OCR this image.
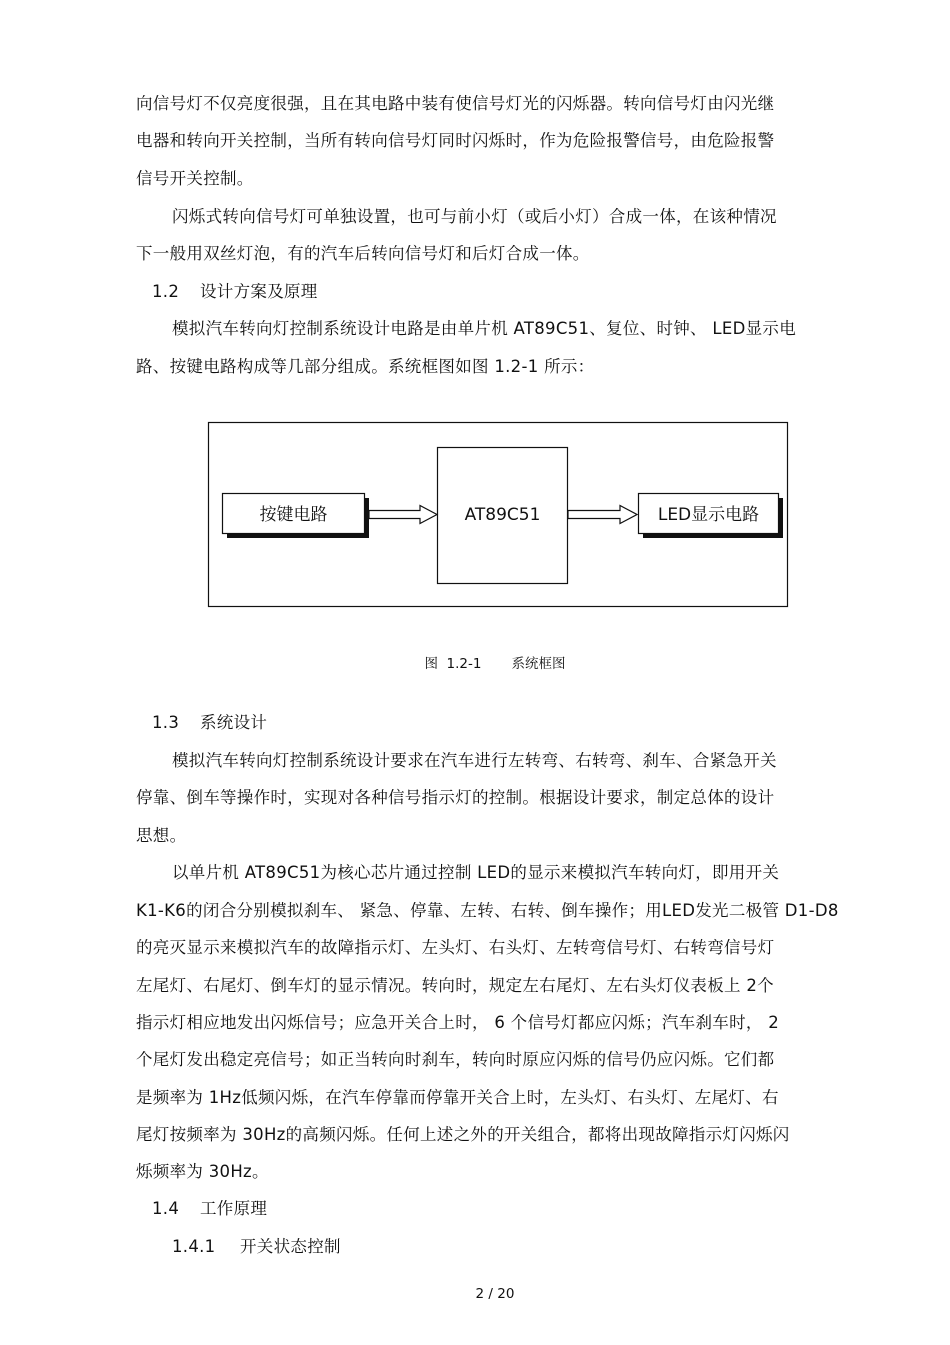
向信号灯不仅亮度很强，且在其电路中装有使信号灯光的闪烁器。转向信号灯由闪光继
电器和转向开关控制，当所有转向信号灯同时闪烁时，作为危险报警信号，由危险报警
信号开关控制。
闪烁式转向信号灯可单独设置，也可与前小灯（或后小灯）合成一体，在该种情况
下一般用双丝灯泡，有的汽车后转向信号灯和后灯合成一体。
1.2 设计方案及原理
模拟汽车转向灯控制系统设计电路是由单片机 AT89C51、复位、时钟、 LED显示电
路、按键电路构成等几部分组成。系统框图如图 1.2-1 所示：
按键电路	AT89C51	LED显示电路
图  1.2-1       系统框图
1.3 系统设计
模拟汽车转向灯控制系统设计要求在汽车进行左转弯、右转弯、刹车、合紧急开关
停靠、倒车等操作时，实现对各种信号指示灯的控制。根据设计要求，制定总体的设计
思想。
以单片机 AT89C51为核心芯片通过控制 LED的显示来模拟汽车转向灯，即用开关
K1-K6的闭合分别模拟刹车、 紧急、停靠、左转、右转、倒车操作；用LED发光二极管 D1-D8
的亮灭显示来模拟汽车的故障指示灯、左头灯、右头灯、左转弯信号灯、右转弯信号灯
左尾灯、右尾灯、倒车灯的显示情况。转向时，规定左右尾灯、左右头灯仪表板上 2个
指示灯相应地发出闪烁信号；应急开关合上时， 6 个信号灯都应闪烁；汽车刹车时， 2
个尾灯发出稳定亮信号；如正当转向时刹车，转向时原应闪烁的信号仍应闪烁。它们都
是频率为 1Hz低频闪烁，在汽车停靠而停靠开关合上时，左头灯、右头灯、左尾灯、右
尾灯按频率为 30Hz的高频闪烁。任何上述之外的开关组合，都将出现故障指示灯闪烁闪
烁频率为 30Hz。
1.4 工作原理
1.4.1 开关状态控制
2 / 20
